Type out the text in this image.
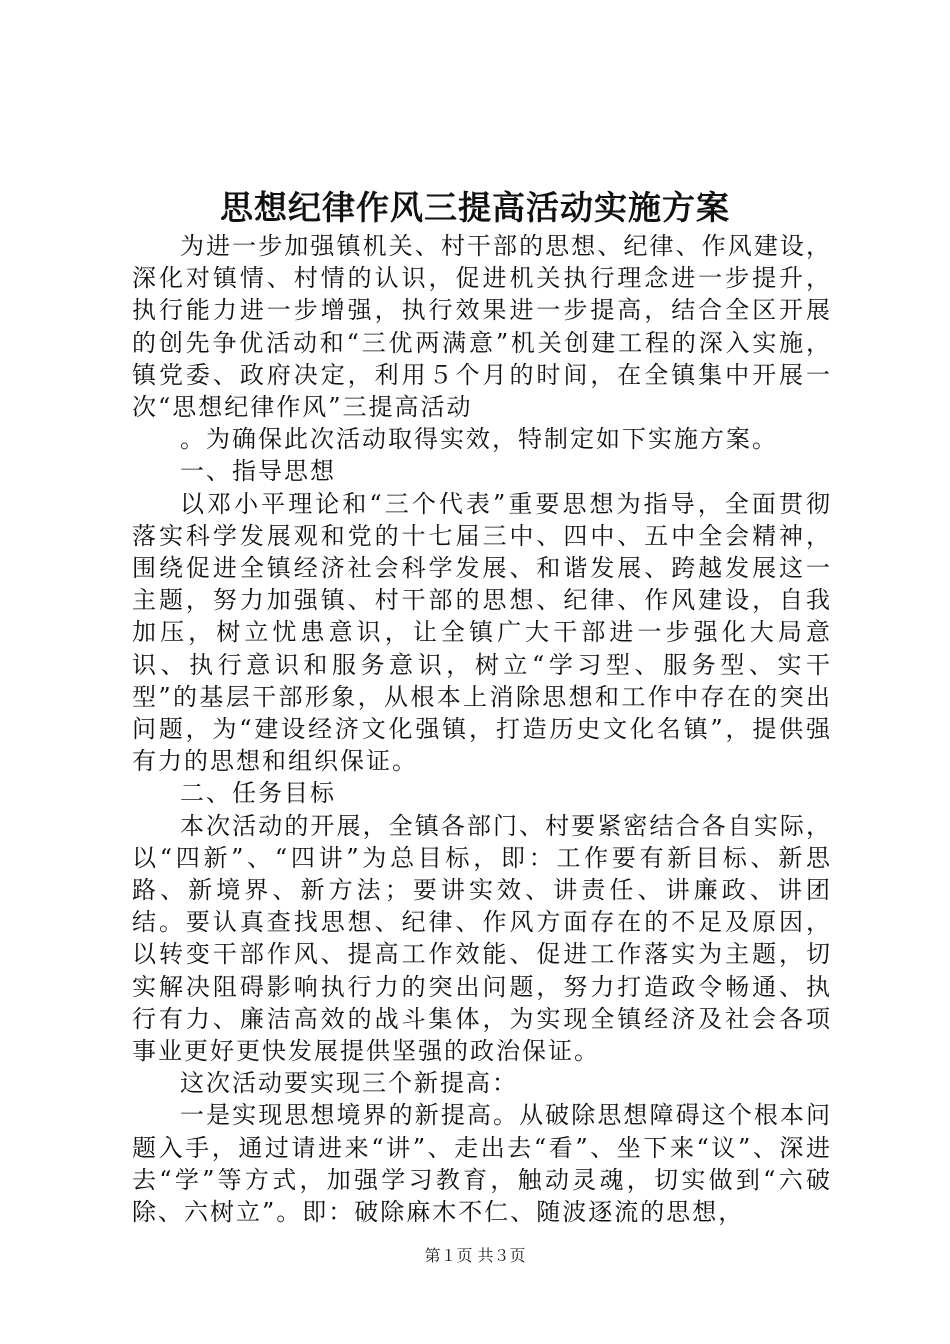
思想纪律作风三提高活动实施方案

为进一步加强镇机关、村干部的思想、纪律、作风建设，深化对镇情、村情的认识，促进机关执行理念进一步提升，执行能力进一步增强，执行效果进一步提高，结合全区开展的创先争优活动和“三优两满意”机关创建工程的深入实施，镇党委、政府决定，利用５个月的时间，在全镇集中开展一次“思想纪律作风”三提高活动

。为确保此次活动取得实效，特制定如下实施方案。

一、指导思想

以邓小平理论和“三个代表”重要思想为指导，全面贯彻落实科学发展观和党的十七届三中、四中、五中全会精神，围绕促进全镇经济社会科学发展、和谐发展、跨越发展这一主题，努力加强镇、村干部的思想、纪律、作风建设，自我加压，树立忧患意识，让全镇广大干部进一步强化大局意识、执行意识和服务意识，树立“学习型、服务型、实干型”的基层干部形象，从根本上消除思想和工作中存在的突出问题，为“建设经济文化强镇，打造历史文化名镇”，提供强有力的思想和组织保证。

二、任务目标

本次活动的开展，全镇各部门、村要紧密结合各自实际，以“四新”、“四讲”为总目标，即：工作要有新目标、新思路、新境界、新方法；要讲实效、讲责任、讲廉政、讲团结。要认真查找思想、纪律、作风方面存在的不足及原因，以转变干部作风、提高工作效能、促进工作落实为主题，切实解决阻碍影响执行力的突出问题，努力打造政令畅通、执行有力、廉洁高效的战斗集体，为实现全镇经济及社会各项事业更好更快发展提供坚强的政治保证。

这次活动要实现三个新提高：

一是实现思想境界的新提高。从破除思想障碍这个根本问题入手，通过请进来“讲”、走出去“看”、坐下来“议”、深进去“学”等方式，加强学习教育，触动灵魂，切实做到“六破除、六树立”。即：破除麻木不仁、随波逐流的思想，

第１页 共３页
